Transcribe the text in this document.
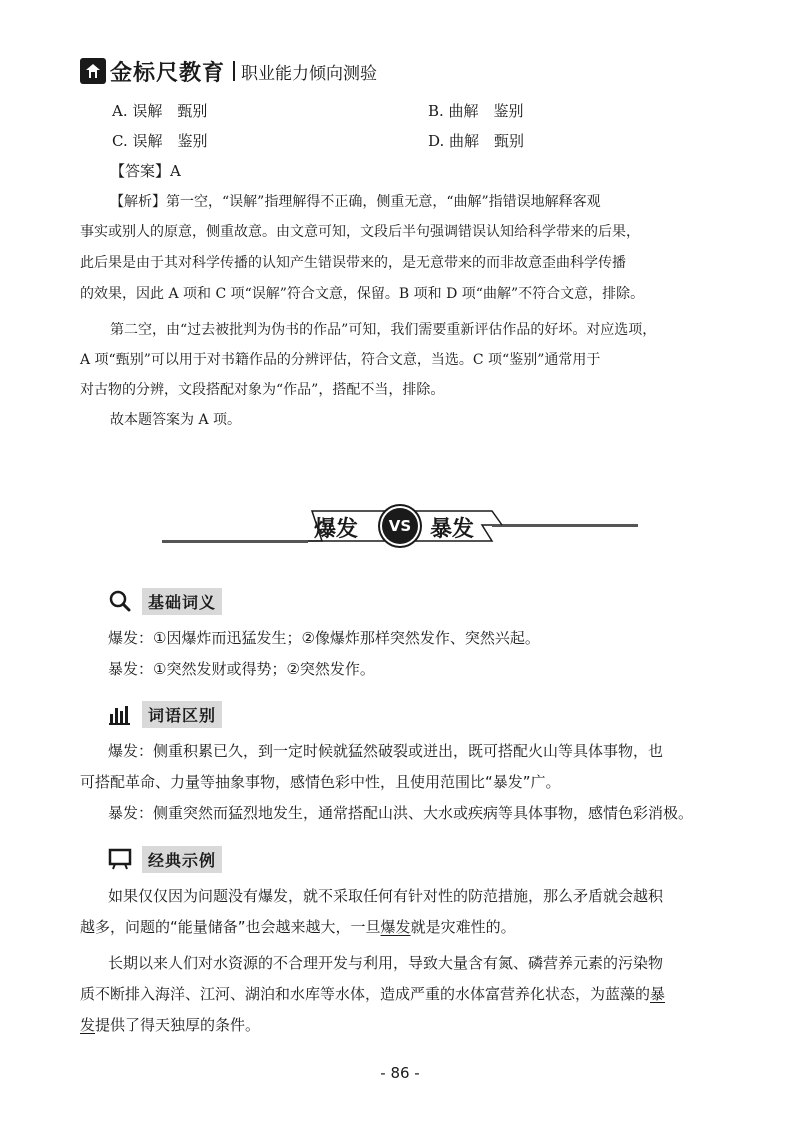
金标尺教育 职业能力倾向测验
A. 误解　甄别	B. 曲解　鉴别
C. 误解　鉴别	D. 曲解　甄别
【答案】A
【解析】第一空，“误解”指理解得不正确，侧重无意，“曲解”指错误地解释客观
事实或别人的原意，侧重故意。由文意可知，文段后半句强调错误认知给科学带来的后果，
此后果是由于其对科学传播的认知产生错误带来的，是无意带来的而非故意歪曲科学传播
的效果，因此 A 项和 C 项“误解”符合文意，保留。B 项和 D 项“曲解”不符合文意，排除。
第二空，由“过去被批判为伪书的作品”可知，我们需要重新评估作品的好坏。对应选项，
A 项“甄别”可以用于对书籍作品的分辨评估，符合文意，当选。C 项“鉴别”通常用于
对古物的分辨，文段搭配对象为“作品”，搭配不当，排除。
故本题答案为 A 项。
爆发	VS 暴发
基础词义
爆发：①因爆炸而迅猛发生；②像爆炸那样突然发作、突然兴起。
暴发：①突然发财或得势；②突然发作。
词语区别
爆发：侧重积累已久，到一定时候就猛然破裂或迸出，既可搭配火山等具体事物，也
可搭配革命、力量等抽象事物，感情色彩中性，且使用范围比“暴发”广。
暴发：侧重突然而猛烈地发生，通常搭配山洪、大水或疾病等具体事物，感情色彩消极。
经典示例
如果仅仅因为问题没有爆发，就不采取任何有针对性的防范措施，那么矛盾就会越积
越多，问题的“能量储备”也会越来越大，一旦爆发就是灾难性的。
长期以来人们对水资源的不合理开发与利用，导致大量含有氮、磷营养元素的污染物
质不断排入海洋、江河、湖泊和水库等水体，造成严重的水体富营养化状态，为蓝藻的暴
发提供了得天独厚的条件。
- 86 -
